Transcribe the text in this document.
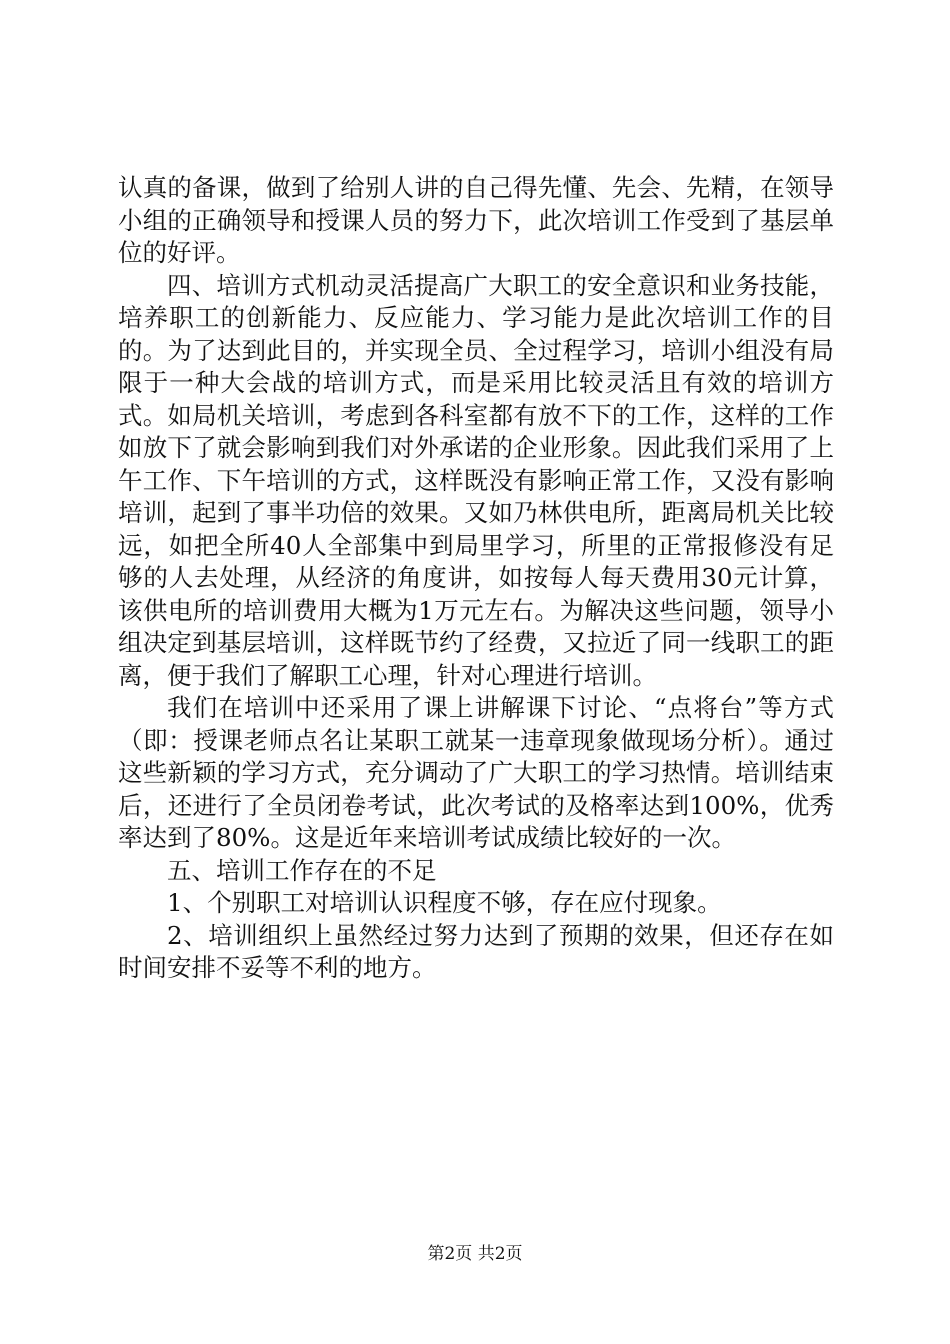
认真的备课，做到了给别人讲的自己得先懂、先会、先精，在领导小组的正确领导和授课人员的努力下，此次培训工作受到了基层单位的好评。

四、培训方式机动灵活提高广大职工的安全意识和业务技能，培养职工的创新能力、反应能力、学习能力是此次培训工作的目的。为了达到此目的，并实现全员、全过程学习，培训小组没有局限于一种大会战的培训方式，而是采用比较灵活且有效的培训方式。如局机关培训，考虑到各科室都有放不下的工作，这样的工作如放下了就会影响到我们对外承诺的企业形象。因此我们采用了上午工作、下午培训的方式，这样既没有影响正常工作，又没有影响培训，起到了事半功倍的效果。又如乃林供电所，距离局机关比较远，如把全所40人全部集中到局里学习，所里的正常报修没有足够的人去处理，从经济的角度讲，如按每人每天费用30元计算，该供电所的培训费用大概为1万元左右。为解决这些问题，领导小组决定到基层培训，这样既节约了经费，又拉近了同一线职工的距离，便于我们了解职工心理，针对心理进行培训。

我们在培训中还采用了课上讲解课下讨论、“点将台”等方式（即：授课老师点名让某职工就某一违章现象做现场分析）。通过这些新颖的学习方式，充分调动了广大职工的学习热情。培训结束后，还进行了全员闭卷考试，此次考试的及格率达到100%，优秀率达到了80%。这是近年来培训考试成绩比较好的一次。

五、培训工作存在的不足

1、个别职工对培训认识程度不够，存在应付现象。

2、培训组织上虽然经过努力达到了预期的效果，但还存在如时间安排不妥等不利的地方。

第2页 共2页
